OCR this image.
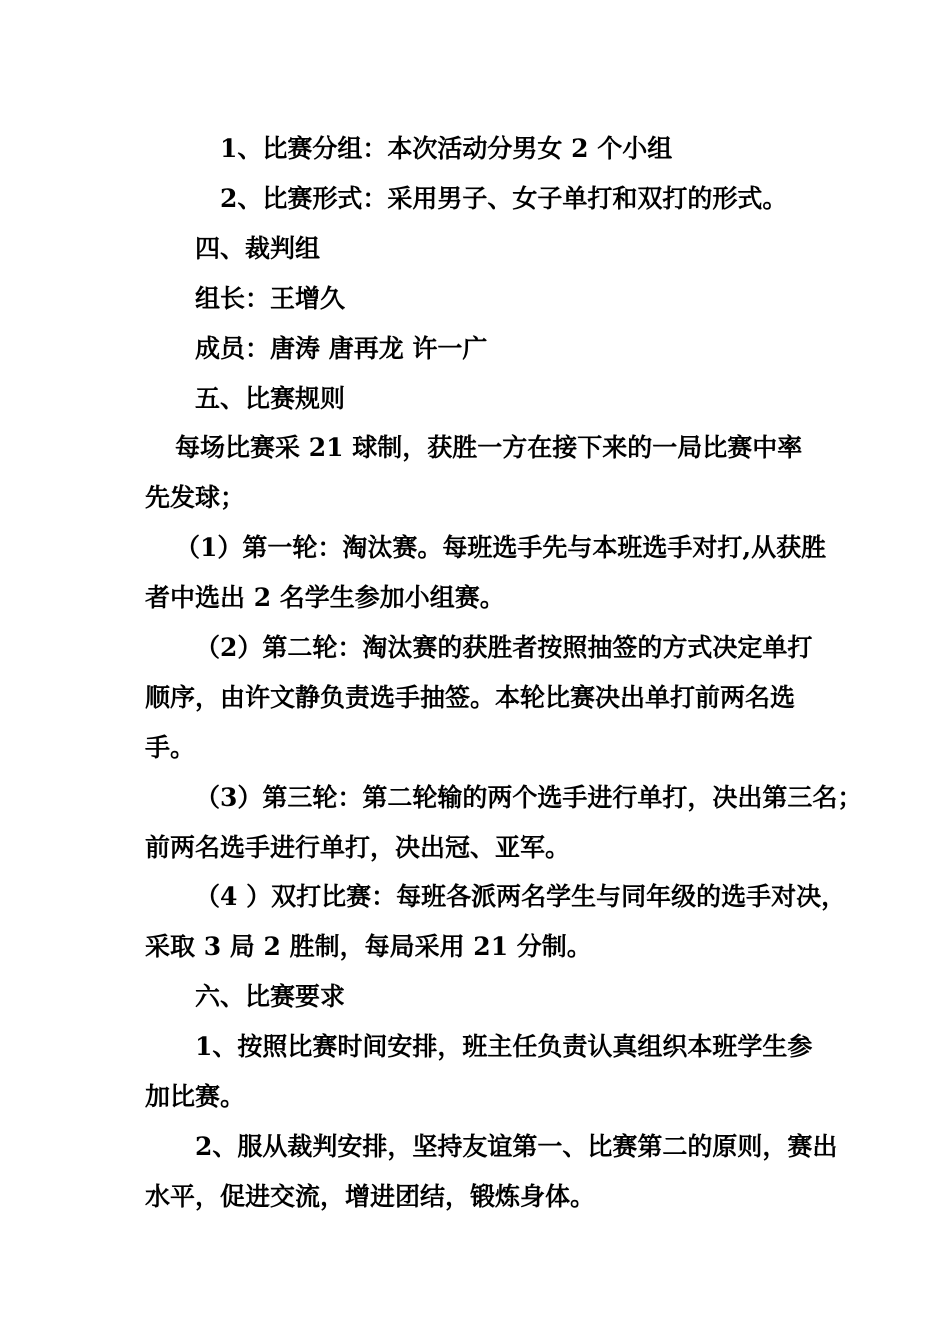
1、比赛分组：本次活动分男女 2 个小组
2、比赛形式：采用男子、女子单打和双打的形式。
四、裁判组
组长：王增久
成员：唐涛 唐再龙 许一广
五、比赛规则
每场比赛采 21 球制，获胜一方在接下来的一局比赛中率
先发球；
（1）第一轮：淘汰赛。每班选手先与本班选手对打,从获胜
者中选出 2 名学生参加小组赛。
（2）第二轮：淘汰赛的获胜者按照抽签的方式决定单打
顺序，由许文静负责选手抽签。本轮比赛决出单打前两名选
手。
（3）第三轮：第二轮输的两个选手进行单打，决出第三名；
前两名选手进行单打，决出冠、亚军。
（4 ）双打比赛：每班各派两名学生与同年级的选手对决，
采取 3 局 2 胜制，每局采用 21 分制。
六、比赛要求
1、按照比赛时间安排，班主任负责认真组织本班学生参
加比赛。
2、服从裁判安排，坚持友谊第一、比赛第二的原则，赛出
水平，促进交流，增进团结，锻炼身体。
